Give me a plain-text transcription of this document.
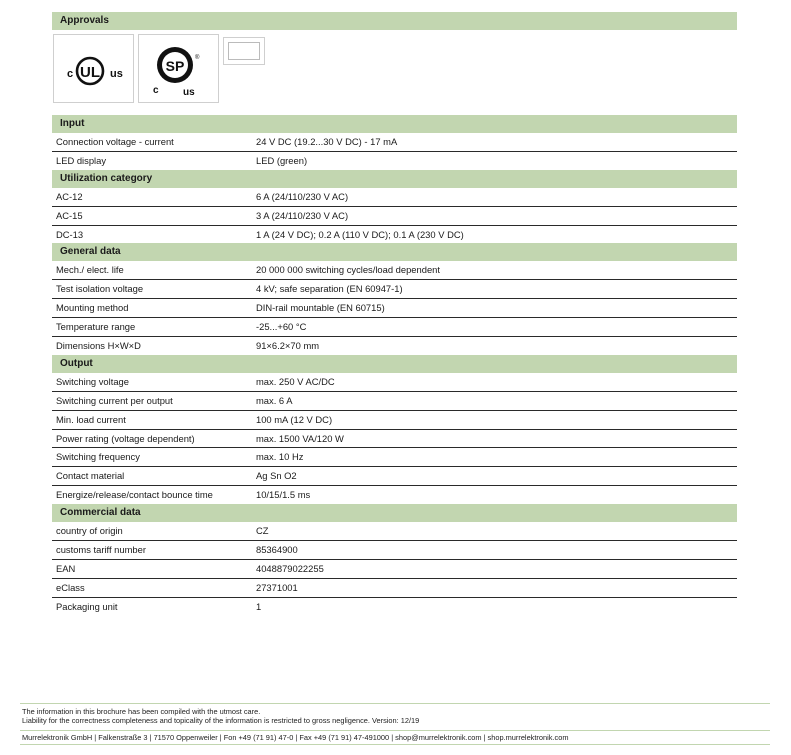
Approvals
c UL us	SP ®
c us
Input
Connection voltage - current	24 V DC (19.2...30 V DC) - 17 mA
LED display	LED (green)
Utilization category
AC-12	6 A (24/110/230 V AC)
AC-15	3 A (24/110/230 V AC)
DC-13	1 A (24 V DC); 0.2 A (110 V DC); 0.1 A (230 V DC)
General data
Mech./ elect. life	20 000 000 switching cycles/load dependent
Test isolation voltage	4 kV; safe separation (EN 60947-1)
Mounting method	DIN-rail mountable (EN 60715)
Temperature range	-25...+60 °C
Dimensions H×W×D	91×6.2×70 mm
Output
Switching voltage	max. 250 V AC/DC
Switching current per output	max. 6 A
Min. load current	100 mA (12 V DC)
Power rating (voltage dependent)	max. 1500 VA/120 W
Switching frequency	max. 10 Hz
Contact material	Ag Sn O2
Energize/release/contact bounce time	10/15/1.5 ms
Commercial data
country of origin	CZ
customs tariff number	85364900
EAN	4048879022255
eClass	27371001
Packaging unit	1
The information in this brochure has been compiled with the utmost care.
Liability for the correctness completeness and topicality of the information is restricted to gross negligence. Version: 12/19
Murrelektronik GmbH | Falkenstraße 3 | 71570 Oppenweiler | Fon +49 (71 91) 47-0 | Fax +49 (71 91) 47-491000 | shop@murrelektronik.com | shop.murrelektronik.com
